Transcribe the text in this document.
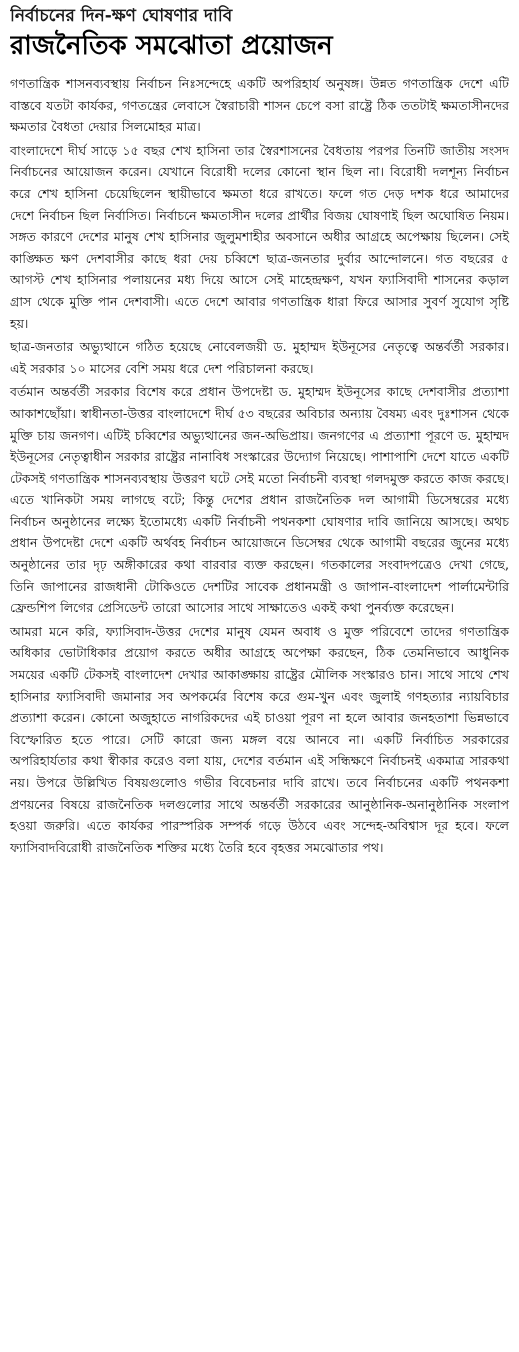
নির্বাচনের দিন-ক্ষণ ঘোষণার দাবি
রাজনৈতিক সমঝোতা প্রয়োজন

গণতান্ত্রিক শাসনব্যবস্থায় নির্বাচন নিঃসন্দেহে একটি অপরিহার্য অনুষঙ্গ। উন্নত গণতান্ত্রিক দেশে এটি বাস্তবে যতটা কার্যকর, গণতন্ত্রের লেবাসে স্বৈরাচারী শাসন চেপে বসা রাষ্ট্রে ঠিক ততটাই ক্ষমতাসীনদের ক্ষমতার বৈধতা দেয়ার সিলমোহর মাত্র।

বাংলাদেশে দীর্ঘ সাড়ে ১৫ বছর শেখ হাসিনা তার স্বৈরশাসনের বৈধতায় পরপর তিনটি জাতীয় সংসদ নির্বাচনের আয়োজন করেন। যেখানে বিরোধী দলের কোনো স্থান ছিল না। বিরোধী দলশূন্য নির্বাচন করে শেখ হাসিনা চেয়েছিলেন স্থায়ীভাবে ক্ষমতা ধরে রাখতে। ফলে গত দেড় দশক ধরে আমাদের দেশে নির্বাচন ছিল নির্বাসিত। নির্বাচনে ক্ষমতাসীন দলের প্রার্থীর বিজয় ঘোষণাই ছিল অঘোষিত নিয়ম। সঙ্গত কারণে দেশের মানুষ শেখ হাসিনার জুলুমশাহীর অবসানে অধীর আগ্রহে অপেক্ষায় ছিলেন। সেই কাঙ্ক্ষিত ক্ষণ দেশবাসীর কাছে ধরা দেয় চব্বিশে ছাত্র-জনতার দুর্বার আন্দোলনে। গত বছরের ৫ আগস্ট শেখ হাসিনার পলায়নের মধ্য দিয়ে আসে সেই মাহেন্দ্রক্ষণ, যখন ফ্যাসিবাদী শাসনের কড়াল গ্রাস থেকে মুক্তি পান দেশবাসী। এতে দেশে আবার গণতান্ত্রিক ধারা ফিরে আসার সুবর্ণ সুযোগ সৃষ্টি হয়।

ছাত্র-জনতার অভ্যুত্থানে গঠিত হয়েছে নোবেলজয়ী ড. মুহাম্মদ ইউনূসের নেতৃত্বে অন্তর্বর্তী সরকার। এই সরকার ১০ মাসের বেশি সময় ধরে দেশ পরিচালনা করছে।

বর্তমান অন্তর্বর্তী সরকার বিশেষ করে প্রধান উপদেষ্টা ড. মুহাম্মদ ইউনূসের কাছে দেশবাসীর প্রত্যাশা আকাশছোঁয়া। স্বাধীনতা-উত্তর বাংলাদেশে দীর্ঘ ৫৩ বছরের অবিচার অন্যায় বৈষম্য এবং দুঃশাসন থেকে মুক্তি চায় জনগণ। এটিই চব্বিশের অভ্যুত্থানের জন-অভিপ্রায়। জনগণের এ প্রত্যাশা পূরণে ড. মুহাম্মদ ইউনূসের নেতৃত্বাধীন সরকার রাষ্ট্রের নানাবিধ সংস্কারের উদ্যোগ নিয়েছে। পাশাপাশি দেশে যাতে একটি টেকসই গণতান্ত্রিক শাসনব্যবস্থায় উত্তরণ ঘটে সেই মতো নির্বাচনী ব্যবস্থা গলদমুক্ত করতে কাজ করছে। এতে খানিকটা সময় লাগছে বটে; কিন্তু দেশের প্রধান রাজনৈতিক দল আগামী ডিসেম্বরের মধ্যে নির্বাচন অনুষ্ঠানের লক্ষ্যে ইতোমধ্যে একটি নির্বাচনী পথনকশা ঘোষণার দাবি জানিয়ে আসছে। অথচ প্রধান উপদেষ্টা দেশে একটি অর্থবহ নির্বাচন আয়োজনে ডিসেম্বর থেকে আগামী বছরের জুনের মধ্যে অনুষ্ঠানের তার দৃঢ় অঙ্গীকারের কথা বারবার ব্যক্ত করছেন। গতকালের সংবাদপত্রেও দেখা গেছে, তিনি জাপানের রাজধানী টোকিওতে দেশটির সাবেক প্রধানমন্ত্রী ও জাপান-বাংলাদেশ পার্লামেন্টারি ফ্রেন্ডশিপ লিগের প্রেসিডেন্ট তারো আসোর সাথে সাক্ষাতেও একই কথা পুনর্ব্যক্ত করেছেন।

আমরা মনে করি, ফ্যাসিবাদ-উত্তর দেশের মানুষ যেমন অবাধ ও মুক্ত পরিবেশে তাদের গণতান্ত্রিক অধিকার ভোটাধিকার প্রয়োগ করতে অধীর আগ্রহে অপেক্ষা করছেন, ঠিক তেমনিভাবে আধুনিক সময়ের একটি টেকসই বাংলাদেশ দেখার আকাঙ্ক্ষায় রাষ্ট্রের মৌলিক সংস্কারও চান। সাথে সাথে শেখ হাসিনার ফ্যাসিবাদী জমানার সব অপকর্মের বিশেষ করে গুম-খুন এবং জুলাই গণহত্যার ন্যায়বিচার প্রত্যাশা করেন। কোনো অজুহাতে নাগরিকদের এই চাওয়া পূরণ না হলে আবার জনহতাশা ভিন্নভাবে বিস্ফোরিত হতে পারে। সেটি কারো জন্য মঙ্গল বয়ে আনবে না। একটি নির্বাচিত সরকারের অপরিহার্যতার কথা স্বীকার করেও বলা যায়, দেশের বর্তমান এই সন্ধিক্ষণে নির্বাচনই একমাত্র সারকথা নয়। উপরে উল্লিখিত বিষয়গুলোও গভীর বিবেচনার দাবি রাখে। তবে নির্বাচনের একটি পথনকশা প্রণয়নের বিষয়ে রাজনৈতিক দলগুলোর সাথে অন্তর্বর্তী সরকারের আনুষ্ঠানিক-অনানুষ্ঠানিক সংলাপ হওয়া জরুরি। এতে কার্যকর পারস্পরিক সম্পর্ক গড়ে উঠবে এবং সন্দেহ-অবিশ্বাস দূর হবে। ফলে ফ্যাসিবাদবিরোধী রাজনৈতিক শক্তির মধ্যে তৈরি হবে বৃহত্তর সমঝোতার পথ।
